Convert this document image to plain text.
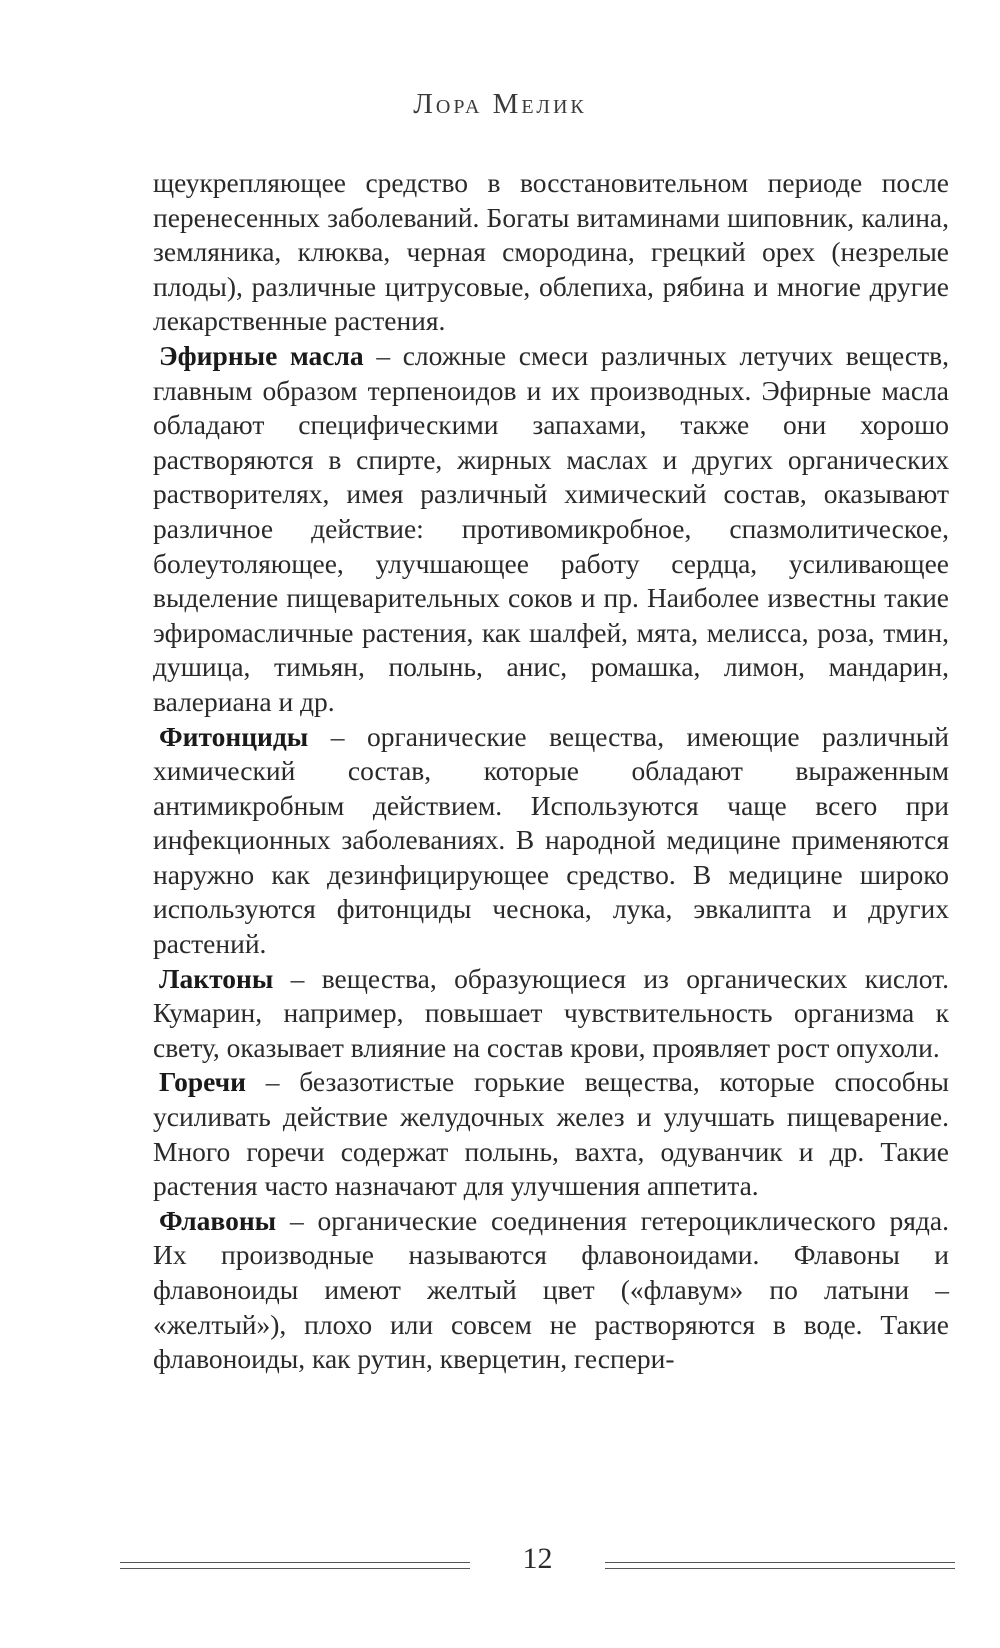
Лора Мелик

щеукрепляющее средство в восстановительном периоде после перенесенных заболеваний. Богаты витаминами шиповник, калина, земляника, клюква, черная смородина, грецкий орех (незрелые плоды), различные цитрусовые, облепиха, рябина и многие другие лекарственные растения.

Эфирные масла – сложные смеси различных летучих веществ, главным образом терпеноидов и их производных. Эфирные масла обладают специфическими запахами, также они хорошо растворяются в спирте, жирных маслах и других органических растворителях, имея различный химический состав, оказывают различное действие: противомикробное, спазмолитическое, болеутоляющее, улучшающее работу сердца, усиливающее выделение пищеварительных соков и пр. Наиболее известны такие эфиромасличные растения, как шалфей, мята, мелисса, роза, тмин, душица, тимьян, полынь, анис, ромашка, лимон, мандарин, валериана и др.

Фитонциды – органические вещества, имеющие различный химический состав, которые обладают выраженным антимикробным действием. Используются чаще всего при инфекционных заболеваниях. В народной медицине применяются наружно как дезинфицирующее средство. В медицине широко используются фитонциды чеснока, лука, эвкалипта и других растений.

Лактоны – вещества, образующиеся из органических кислот. Кумарин, например, повышает чувствительность организма к свету, оказывает влияние на состав крови, проявляет рост опухоли.

Горечи – безазотистые горькие вещества, которые способны усиливать действие желудочных желез и улучшать пищеварение. Много горечи содержат полынь, вахта, одуванчик и др. Такие растения часто назначают для улучшения аппетита.

Флавоны – органические соединения гетероциклического ряда. Их производные называются флавоноидами. Флавоны и флавоноиды имеют желтый цвет («флавум» по латыни – «желтый»), плохо или совсем не растворяются в воде. Такие флавоноиды, как рутин, кверцетин, геспери-

12
